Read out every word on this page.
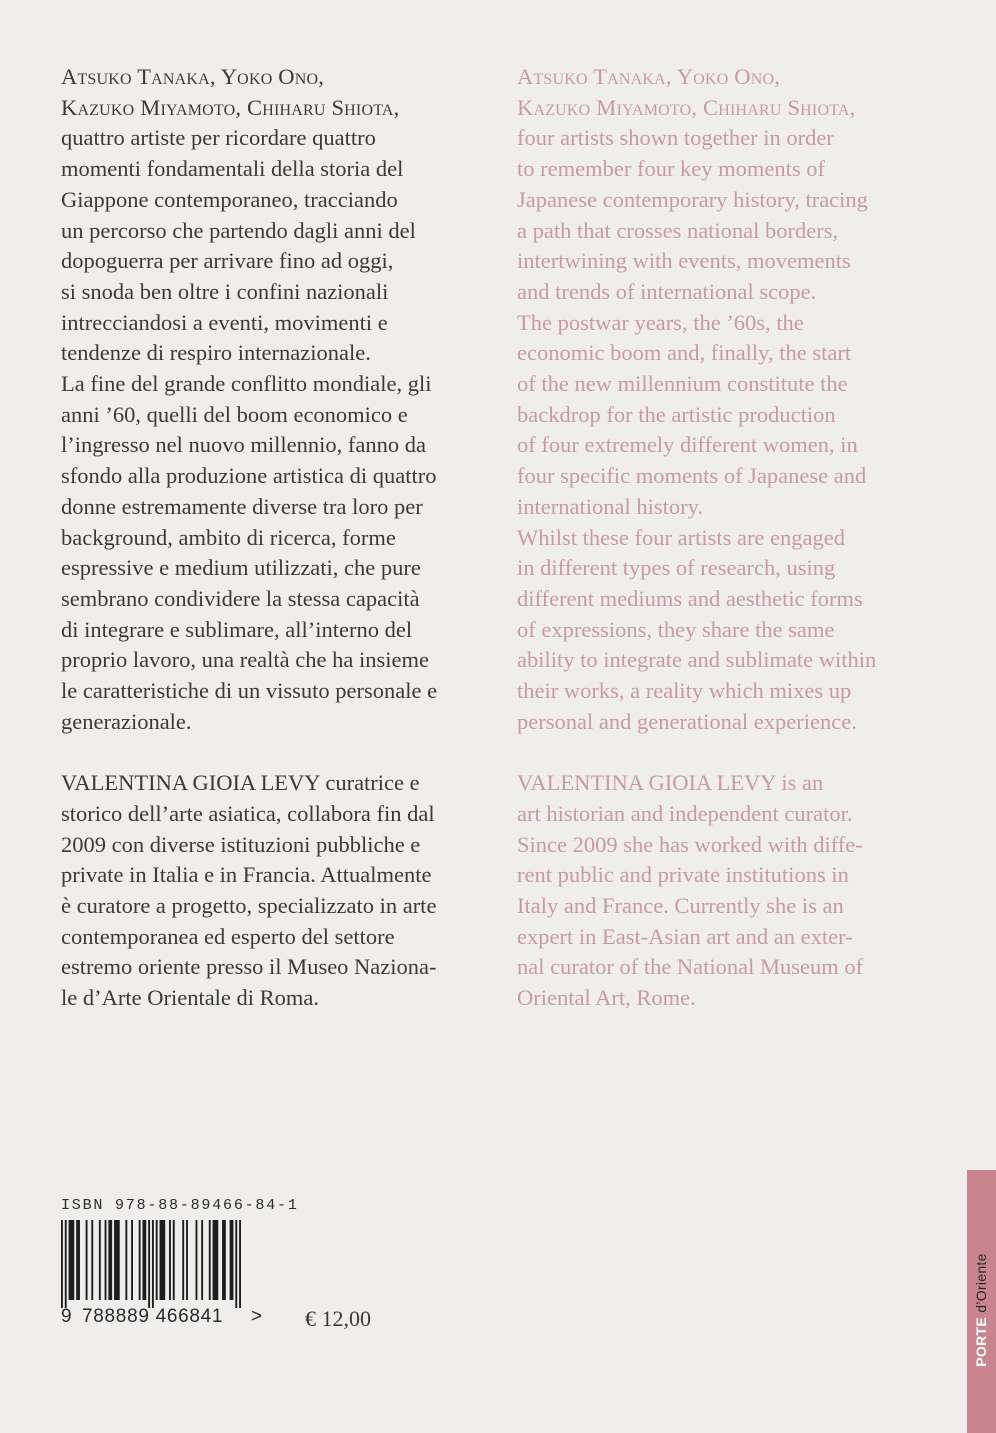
Atsuko Tanaka, Yoko Ono,
Kazuko Miyamoto, Chiharu Shiota,
quattro artiste per ricordare quattro
momenti fondamentali della storia del
Giappone contemporaneo, tracciando
un percorso che partendo dagli anni del
dopoguerra per arrivare fino ad oggi,
si snoda ben oltre i confini nazionali
intrecciandosi a eventi, movimenti e
tendenze di respiro internazionale.
La fine del grande conflitto mondiale, gli
anni ’60, quelli del boom economico e
l’ingresso nel nuovo millennio, fanno da
sfondo alla produzione artistica di quattro
donne estremamente diverse tra loro per
background, ambito di ricerca, forme
espressive e medium utilizzati, che pure
sembrano condividere la stessa capacità
di integrare e sublimare, all’interno del
proprio lavoro, una realtà che ha insieme
le caratteristiche di un vissuto personale e
generazionale.
VALENTINA GIOIA LEVY curatrice e
storico dell’arte asiatica, collabora fin dal
2009 con diverse istituzioni pubbliche e
private in Italia e in Francia. Attualmente
è curatore a progetto, specializzato in arte
contemporanea ed esperto del settore
estremo oriente presso il Museo Naziona-
le d’Arte Orientale di Roma.
Atsuko Tanaka, Yoko Ono,
Kazuko Miyamoto, Chiharu Shiota,
four artists shown together in order
to remember four key moments of
Japanese contemporary history, tracing
a path that crosses national borders,
intertwining with events, movements
and trends of international scope.
The postwar years, the ’60s, the
economic boom and, finally, the start
of the new millennium constitute the
backdrop for the artistic production
of four extremely different women, in
four specific moments of Japanese and
international history.
Whilst these four artists are engaged
in different types of research, using
different mediums and aesthetic forms
of expressions, they share the same
ability to integrate and sublimate within
their works, a reality which mixes up
personal and generational experience.
VALENTINA GIOIA LEVY is an
art historian and independent curator.
Since 2009 she has worked with diffe-
rent public and private institutions in
Italy and France. Currently she is an
expert in East-Asian art and an exter-
nal curator of the National Museum of
Oriental Art, Rome.
ISBN 978-88-89466-84-1
9 788889 466841 > € 12,00	PORTE d’Oriente
